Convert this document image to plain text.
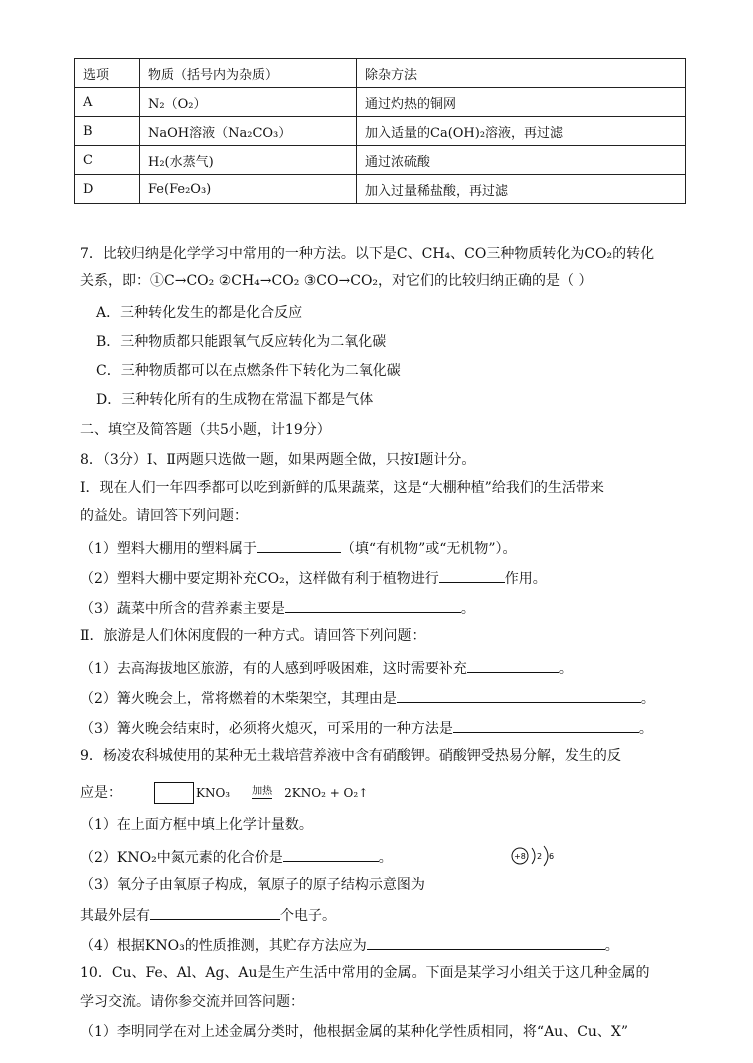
选项	物质（括号内为杂质）	除杂方法
A	N₂（O₂）	通过灼热的铜网
B	NaOH溶液（Na₂CO₃）	加入适量的Ca(OH)₂溶液，再过滤
C	H₂(水蒸气)	通过浓硫酸
D	Fe(Fe₂O₃)	加入过量稀盐酸，再过滤
7．比较归纳是化学学习中常用的一种方法。以下是C、CH₄、CO三种物质转化为CO₂的转化
关系，即：①C→CO₂ ②CH₄→CO₂ ③CO→CO₂，对它们的比较归纳正确的是（ ）
A．三种转化发生的都是化合反应
B．三种物质都只能跟氧气反应转化为二氧化碳
C．三种物质都可以在点燃条件下转化为二氧化碳
D．三种转化所有的生成物在常温下都是气体
二、填空及简答题（共5小题，计19分）
8．（3分）Ⅰ、Ⅱ两题只选做一题，如果两题全做，只按Ⅰ题计分。
Ⅰ．现在人们一年四季都可以吃到新鲜的瓜果蔬菜，这是“大棚种植”给我们的生活带来
的益处。请回答下列问题：
（1）塑料大棚用的塑料属于	（填“有机物”或“无机物”）。
（2）塑料大棚中要定期补充CO₂，这样做有利于植物进行	作用。
（3）蔬菜中所含的营养素主要是	。
Ⅱ．旅游是人们休闲度假的一种方式。请回答下列问题：
（1）去高海拔地区旅游，有的人感到呼吸困难，这时需要补充	。
（2）篝火晚会上，常将燃着的木柴架空，其理由是	。
（3）篝火晚会结束时，必须将火熄灭，可采用的一种方法是	。
9．杨凌农科城使用的某种无土栽培营养液中含有硝酸钾。硝酸钾受热易分解，发生的反
应是：	KNO₃ 加热 2KNO₂ + O₂↑
（1）在上面方框中填上化学计量数。
（2）KNO₂中氮元素的化合价是	。
（3）氧分子由氧原子构成，氧原子的原子结构示意图为
+8 2 6
其最外层有	个电子。
（4）根据KNO₃的性质推测，其贮存方法应为	。
10．Cu、Fe、Al、Ag、Au是生产生活中常用的金属。下面是某学习小组关于这几种金属的
学习交流。请你参交流并回答问题：
（1）李明同学在对上述金属分类时，他根据金属的某种化学性质相同，将“Au、Cu、X”
